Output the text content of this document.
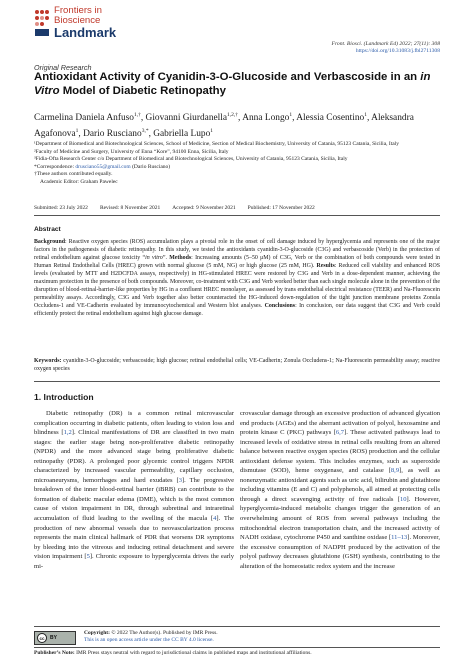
Frontiers in
Bioscience
Landmark
Front. Biosci. (Landmark Ed) 2022; 27(11): 308
https://doi.org/10.31083/j.fbl2711308
Original Research
Antioxidant Activity of Cyanidin-3-O-Glucoside and Verbascoside in an in Vitro Model of Diabetic Retinopathy
Carmelina Daniela Anfuso$^{1,\dagger}$, Giovanni Giurdanella$^{1,2,\dagger}$, Anna Longo$^1$, Alessia Cosentino$^1$, Aleksandra Agafonova$^1$, Dario Rusciano$^{3,*}$, Gabriella Lupo$^1$
¹Department of Biomedical and Biotechnological Sciences, School of Medicine, Section of Medical Biochemistry, University of Catania, 95123 Catania, Sicilia, Italy
²Faculty of Medicine and Surgery, University of Enna “Kore”, 94100 Enna, Sicilia, Italy
³Fidia-Oftа Research Center c/o Department of Biomedical and Biotechnological Sciences, University of Catania, 95123 Catania, Sicilia, Italy
*Correspondence: drusciano55@gmail.com (Dario Rusciano)
†These authors contributed equally.
Academic Editor: Graham Pawelec
Submitted: 23 July 2022 Revised: 8 November 2021 Accepted: 9 November 2021 Published: 17 November 2022
Abstract
Background: Reactive oxygen species (ROS) accumulation plays a pivotal role in the onset of cell damage induced by hyperglycemia and represents one of the major factors in the pathogenesis of diabetic retinopathy. In this study, we tested the antioxidants cyanidin-3-O-glucoside (C3G) and verbascoside (Verb) in the protection of retinal endothelium against glucose toxicity “in vitro”. Methods: Increasing amounts (5–50 μM) of C3G, Verb or the combination of both compounds were tested in Human Retinal Endothelial Cells (HREC) grown with normal glucose (5 mM, NG) or high glucose (25 mM, HG). Results: Reduced cell viability and enhanced ROS levels (evaluated by MTT and H2DCFDA assays, respectively) in HG-stimulated HREC were restored by C3G and Verb in a dose-dependent manner, achieving the maximum protection in the presence of both compounds. Moreover, co-treatment with C3G and Verb worked better than each single molecule alone in the prevention of the disruption of blood-retinal-barrier-like properties by HG in a confluent HREC monolayer, as assessed by trans endothelial electrical resistance (TEER) and Na-Fluorescein permeability assays. Accordingly, C3G and Verb together also better counteracted the HG-induced down-regulation of the tight junction membrane proteins Zonula Occludens-1 and VE-Cadherin evaluated by immunocytochemical and Western blot analyses. Conclusions: In conclusion, our data suggest that C3G and Verb could efficiently protect the retinal endothelium against high glucose damage.
Keywords: cyanidin-3-O-glucoside; verbascoside; high glucose; retinal endothelial cells; VE-Cadherin; Zonula Occludens-1; Na-Fluorescein permeability assay; reactive oxygen species
1. Introduction
Diabetic retinopathy (DR) is a common retinal microvascular complication occurring in diabetic patients, often leading to vision loss and blindness [1,2]. Clinical manifestations of DR are classified in two main stages: the earlier stage being non-proliferative diabetic retinopathy (NPDR) and the more advanced stage being proliferative diabetic retinopathy (PDR). A prolonged poor glycemic control triggers NPDR characterized by increased vascular permeability, capillary occlusion, microaneurysms, hemorrhages and hard exudates [3]. The progressive breakdown of the inner blood-retinal barrier (iBRB) can contribute to the formation of diabetic macular edema (DME), which is the most common cause of vision impairment in DR, through subretinal and intraretinal accumulation of fluid leading to the swelling of the macula [4]. The production of new abnormal vessels due to neovascularization process represents the main clinical hallmark of PDR that worsens DR symptoms by bleeding into the vitreous and inducing retinal detachment and severe vision impairment [5]. Chronic exposure to hyperglycemia drives the early mi-
crovascular damage through an excessive production of advanced glycation end products (AGEs) and the aberrant activation of polyol, hexosamine and protein kinase C (PKC) pathways [6,7]. These activated pathways lead to increased levels of oxidative stress in retinal cells resulting from an altered balance between reactive oxygen species (ROS) production and the cellular antioxidant defense system. This includes enzymes, such as superoxide dismutase (SOD), heme oxygenase, and catalase [8,9], as well as nonenzymatic antioxidant agents such as uric acid, bilirubin and glutathione including vitamins (E and C) and polyphenols, all aimed at protecting cells through a direct scavenging activity of free radicals [10]. However, hyperglycemia-induced metabolic changes trigger the generation of an overwhelming amount of ROS from several pathways including the mitochondrial electron transportation chain, and the increased activity of NADH oxidase, cytochrome P450 and xanthine oxidase [11–13]. Moreover, the excessive consumption of NADPH produced by the activation of the polyol pathway decreases glutathione (GSH) synthesis, contributing to the alteration of the homeostatic redox system and the increase
cc	BY
Copyright: © 2022 The Author(s). Published by IMR Press.
This is an open access article under the CC BY 4.0 license.
Publisher’s Note: IMR Press stays neutral with regard to jurisdictional claims in published maps and institutional affiliations.
